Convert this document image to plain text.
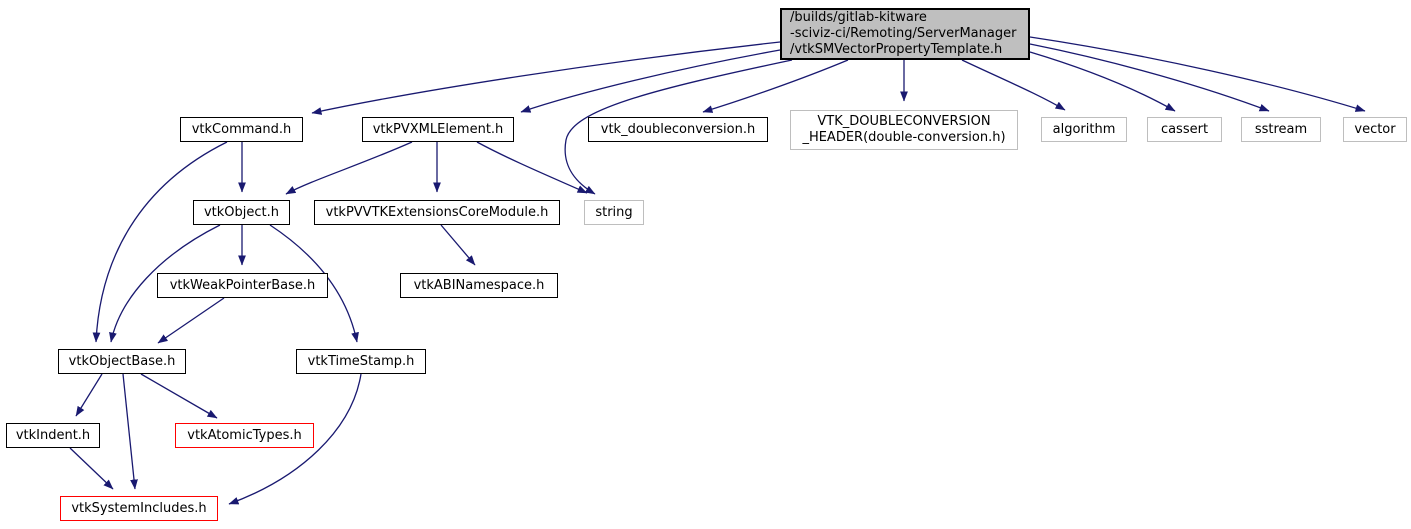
/builds/gitlab-kitware
-sciviz-ci/Remoting/ServerManager
/vtkSMVectorPropertyTemplate.h
vtkCommand.h	vtkPVXMLElement.h	vtk_doubleconversion.h	VTK_DOUBLECONVERSION
_HEADER(double-conversion.h)
algorithm	cassert	sstream	vector
vtkObject.h	vtkPVVTKExtensionsCoreModule.h	string
vtkWeakPointerBase.h	vtkABINamespace.h
vtkObjectBase.h	vtkTimeStamp.h
vtkIndent.h	vtkAtomicTypes.h
vtkSystemIncludes.h
